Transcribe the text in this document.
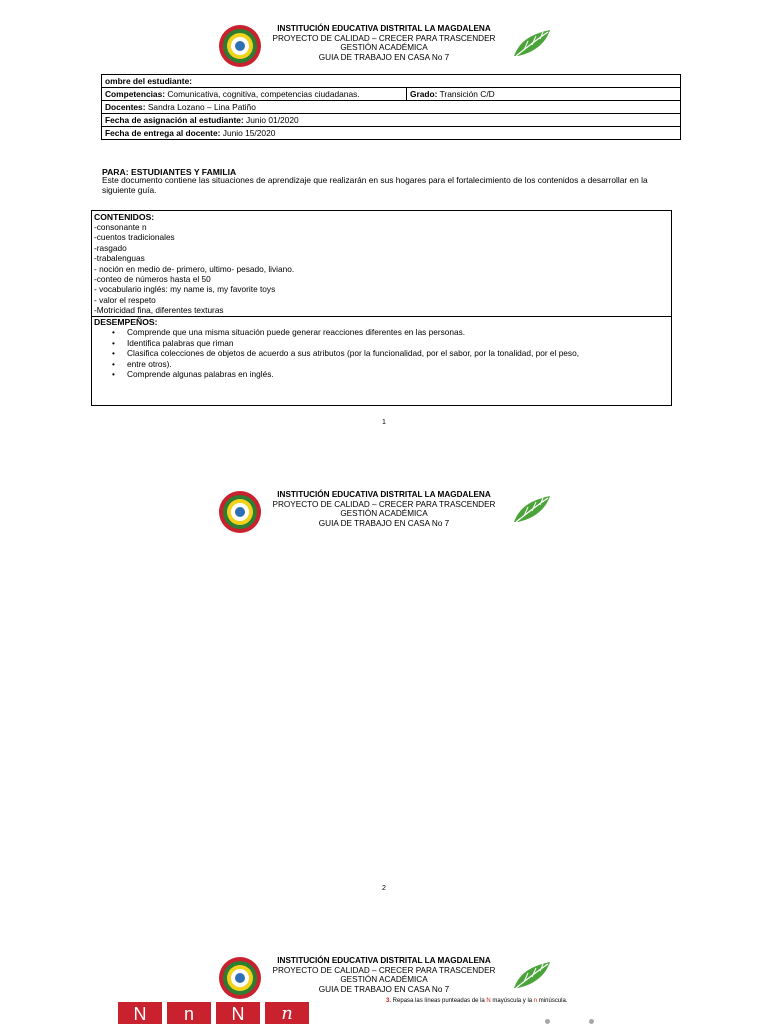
INSTITUCIÓN EDUCATIVA DISTRITAL LA MAGDALENA
PROYECTO DE CALIDAD – CRECER PARA TRASCENDER
GESTIÓN ACADÉMICA
GUIA DE TRABAJO EN CASA No 7
ombre del estudiante:
Competencias: Comunicativa, cognitiva, competencias ciudadanas.	Grado: Transición C/D
Docentes: Sandra Lozano – Lina Patiño
Fecha de asignación al estudiante: Junio 01/2020
Fecha de entrega al docente: Junio 15/2020
PARA: ESTUDIANTES Y FAMILIA
Este documento contiene las situaciones de aprendizaje que realizarán en sus hogares para el fortalecimiento de los contenidos a desarrollar en la siguiente guía.
CONTENIDOS:
-consonante n
-cuentos tradicionales
-rasgado
-trabalenguas
- noción en medio de- primero, ultimo- pesado, liviano.
-conteo de números hasta el 50
- vocabulario inglés: my name is, my favorite toys
- valor el respeto
-Motricidad fina, diferentes texturas
DESEMPEÑOS:
• Comprende que una misma situación puede generar reacciones diferentes en las personas.
• Identifica palabras que riman
• Clasifica colecciones de objetos de acuerdo a sus atributos (por la funcionalidad, por el sabor, por la tonalidad, por el peso,
• entre otros).
• Comprende algunas palabras en inglés.
1
INSTITUCIÓN EDUCATIVA DISTRITAL LA MAGDALENA
PROYECTO DE CALIDAD – CRECER PARA TRASCENDER
GESTIÓN ACADÉMICA
GUIA DE TRABAJO EN CASA No 7
2
INSTITUCIÓN EDUCATIVA DISTRITAL LA MAGDALENA
PROYECTO DE CALIDAD – CRECER PARA TRASCENDER
GESTIÓN ACADÉMICA
GUIA DE TRABAJO EN CASA No 7
N	n	N	n
3. Repasa las líneas punteadas de la N mayúscula y la n minúscula.
